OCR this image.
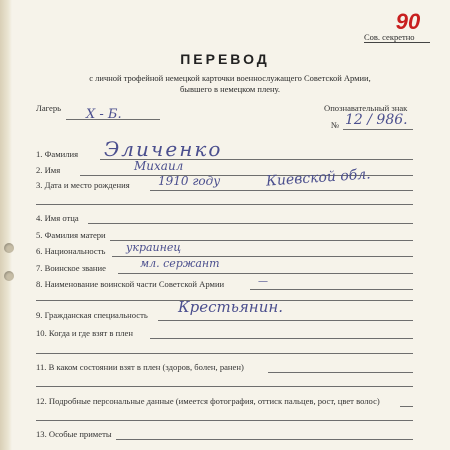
90
Сов. секретно
ПЕРЕВОД
с личной трофейной немецкой карточки военнослужащего Советской Армии,
бывшего в немецком плену.
Лагерь Х - Б.	Опознавательный знак
№ 12 / 986.
1. Фамилия Эличенко
2. Имя	Михаил
3. Дата и место рождения 1910 году	Киевской обл.
4. Имя отца
5. Фамилия матери
6. Национальность украинец
7. Воинское звание	мл. сержант
8. Наименование воинской части Советской Армии	—
9. Гражданская специальность Крестьянин.
10. Когда и где взят в плен
11. В каком состоянии взят в плен (здоров, болен, ранен)
12. Подробные персональные данные (имеется фотография, оттиск пальцев, рост, цвет волос)
13. Особые приметы
